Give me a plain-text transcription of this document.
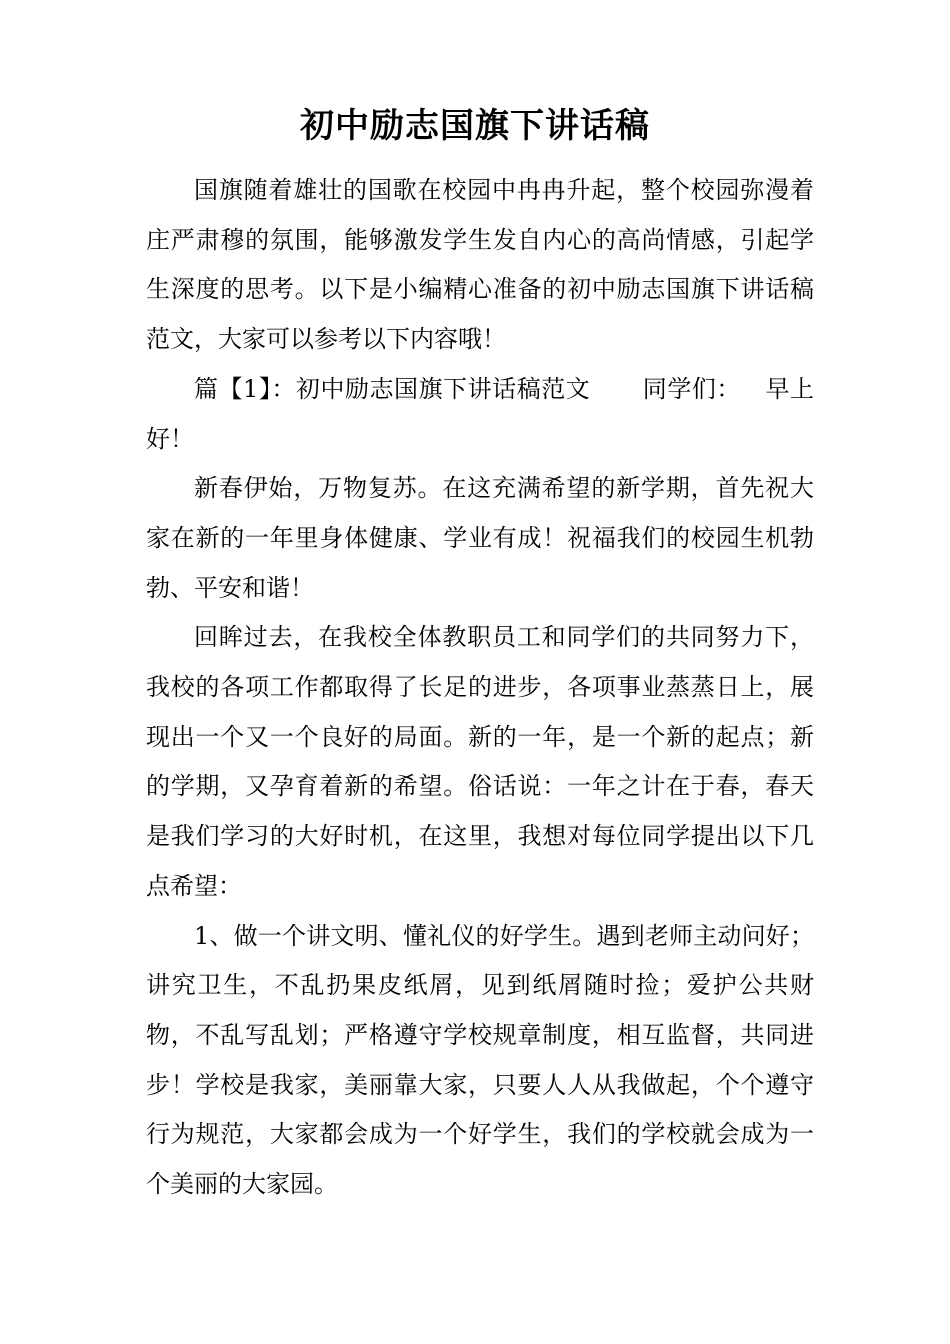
初中励志国旗下讲话稿

国旗随着雄壮的国歌在校园中冉冉升起，整个校园弥漫着庄严肃穆的氛围，能够激发学生发自内心的高尚情感，引起学生深度的思考。以下是小编精心准备的初中励志国旗下讲话稿范文，大家可以参考以下内容哦！

篇【1】：初中励志国旗下讲话稿范文 同学们： 早上好！

新春伊始，万物复苏。在这充满希望的新学期，首先祝大家在新的一年里身体健康、学业有成！祝福我们的校园生机勃勃、平安和谐！

回眸过去，在我校全体教职员工和同学们的共同努力下，我校的各项工作都取得了长足的进步，各项事业蒸蒸日上，展现出一个又一个良好的局面。新的一年，是一个新的起点；新的学期，又孕育着新的希望。俗话说：一年之计在于春，春天是我们学习的大好时机，在这里，我想对每位同学提出以下几点希望：

1、做一个讲文明、懂礼仪的好学生。遇到老师主动问好；讲究卫生，不乱扔果皮纸屑，见到纸屑随时捡；爱护公共财物，不乱写乱划；严格遵守学校规章制度，相互监督，共同进步！学校是我家，美丽靠大家，只要人人从我做起，个个遵守行为规范，大家都会成为一个好学生，我们的学校就会成为一个美丽的大家园。
